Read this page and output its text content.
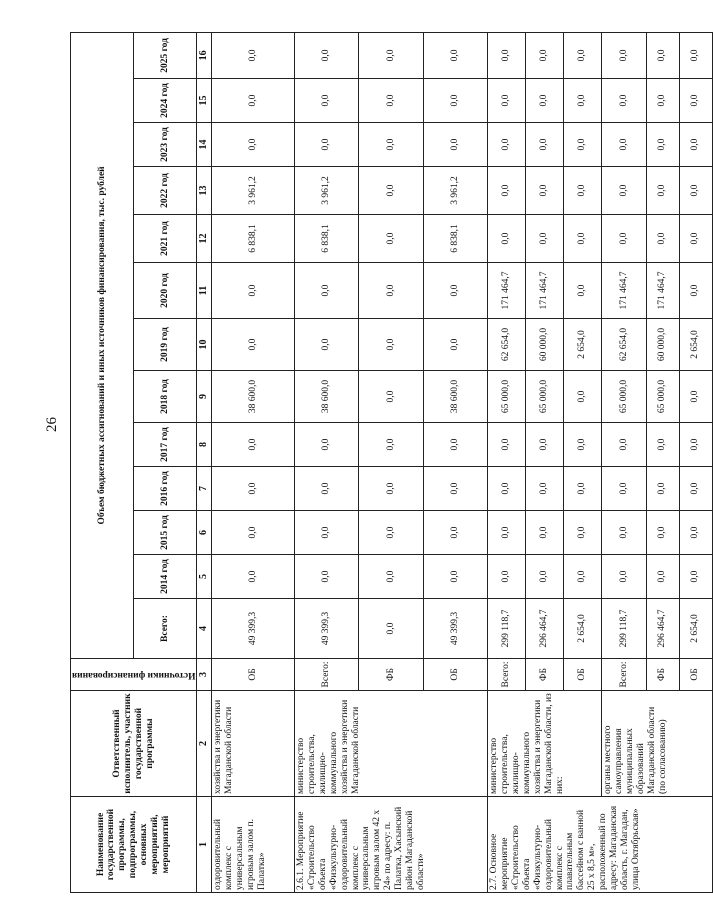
26
Наименование государственной программы, подпрограммы, основных мероприятий, мероприятий	Ответственный исполнитель, участник государственной программы	Источники финансирования	Объем бюджетных ассигнований и иных источников финансирования, тыс. рублей												
			Всего:	2014 год	2015 год	2016 год	2017 год	2018 год	2019 год	2020 год	2021 год	2022 год	2023 год	2024 год	2025 год
1	2	3	4	5	6	7	8	9	10	11	12	13	14	15	16
оздоровительный комплекс с универсальным игровым залом п. Палатка»	хозяйства и энергетики Магаданской области	ОБ	49 399,3	0,0	0,0	0,0	0,0	38 600,0	0,0	0,0	6 838,1	3 961,2	0,0	0,0	0,0
2.6.1. Мероприятие «Строительство объекта «Физкультурно-оздоровительный комплекс с универсальным игровым залом 42 х 24» по адресу: п. Палатка, Хасынский район Магаданской области»	министерство строительства, жилищно-коммунального хозяйства и энергетики Магаданской области	Всего:	49 399,3	0,0	0,0	0,0	0,0	38 600,0	0,0	0,0	6 838,1	3 961,2	0,0	0,0	0,0
		ФБ	0,0	0,0	0,0	0,0	0,0	0,0	0,0	0,0	0,0	0,0	0,0	0,0	0,0
		ОБ	49 399,3	0,0	0,0	0,0	0,0	38 600,0	0,0	0,0	6 838,1	3 961,2	0,0	0,0	0,0
2.7. Основное мероприятие «Строительство объекта «Физкультурно-оздоровительный комплекс с плавательным бассейном с ванной 25 х 8,5 м», расположенный по адресу: Магаданская область, г. Магадан, улица Октябрьская»	министерство строительства, жилищно-коммунального хозяйства и энергетики Магаданской области, из них:	Всего:	299 118,7	0,0	0,0	0,0	0,0	65 000,0	62 654,0	171 464,7	0,0	0,0	0,0	0,0	0,0
		ФБ	296 464,7	0,0	0,0	0,0	0,0	65 000,0	60 000,0	171 464,7	0,0	0,0	0,0	0,0	0,0
		ОБ	2 654,0	0,0	0,0	0,0	0,0	0,0	2 654,0	0,0	0,0	0,0	0,0	0,0	0,0
	органы местного самоуправления муниципальных образований Магаданской области (по согласованию)	Всего:	299 118,7	0,0	0,0	0,0	0,0	65 000,0	62 654,0	171 464,7	0,0	0,0	0,0	0,0	0,0
		ФБ	296 464,7	0,0	0,0	0,0	0,0	65 000,0	60 000,0	171 464,7	0,0	0,0	0,0	0,0	0,0
		ОБ	2 654,0	0,0	0,0	0,0	0,0	0,0	2 654,0	0,0	0,0	0,0	0,0	0,0	0,0
